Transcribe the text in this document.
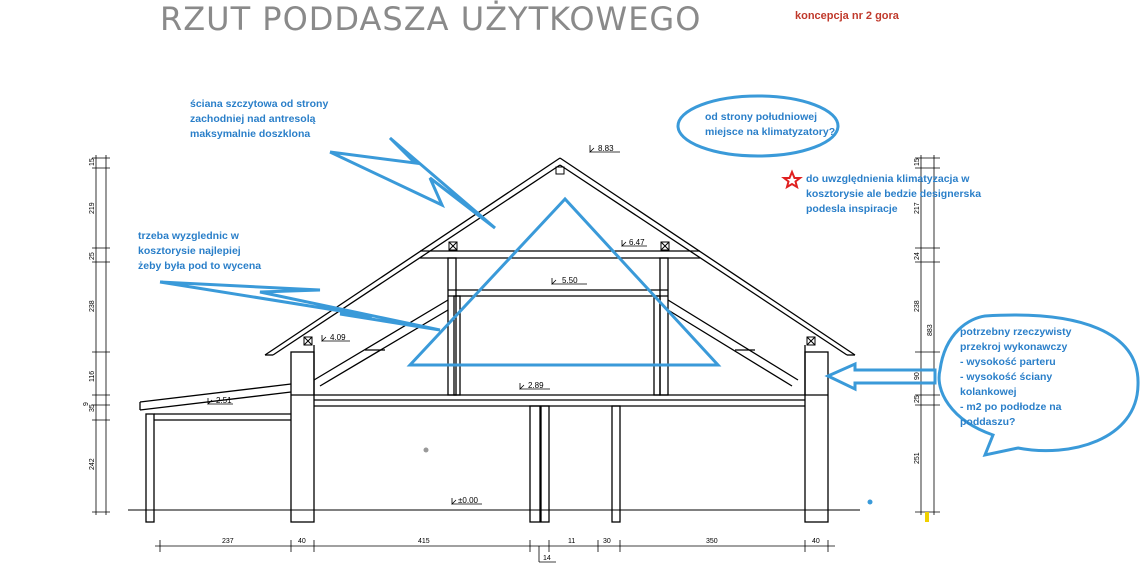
RZUT PODDASZA UŻYTKOWEGO	koncepcja nr 2 gora
8.83
6.47
5.50
4.09
2.89
2.51
±0.00
237	40	415	11	30	350	40
14
15
219
25
238
116
9
35
242
15
217
24
238
90
25
251
883
ściana szczytowa od strony
zachodniej nad antresolą
maksymalnie doszklona
trzeba wyzglednic w
kosztorysie najlepiej
żeby była pod to wycena
od strony południowej
miejsce na klimatyzatory?
do uwzględnienia klimatyzacja w
kosztorysie ale bedzie designerska
podesla inspiracje
potrzebny rzeczywisty
przekroj wykonawczy
- wysokość parteru
- wysokość ściany
kolankowej
- m2 po podłodze na
poddaszu?
